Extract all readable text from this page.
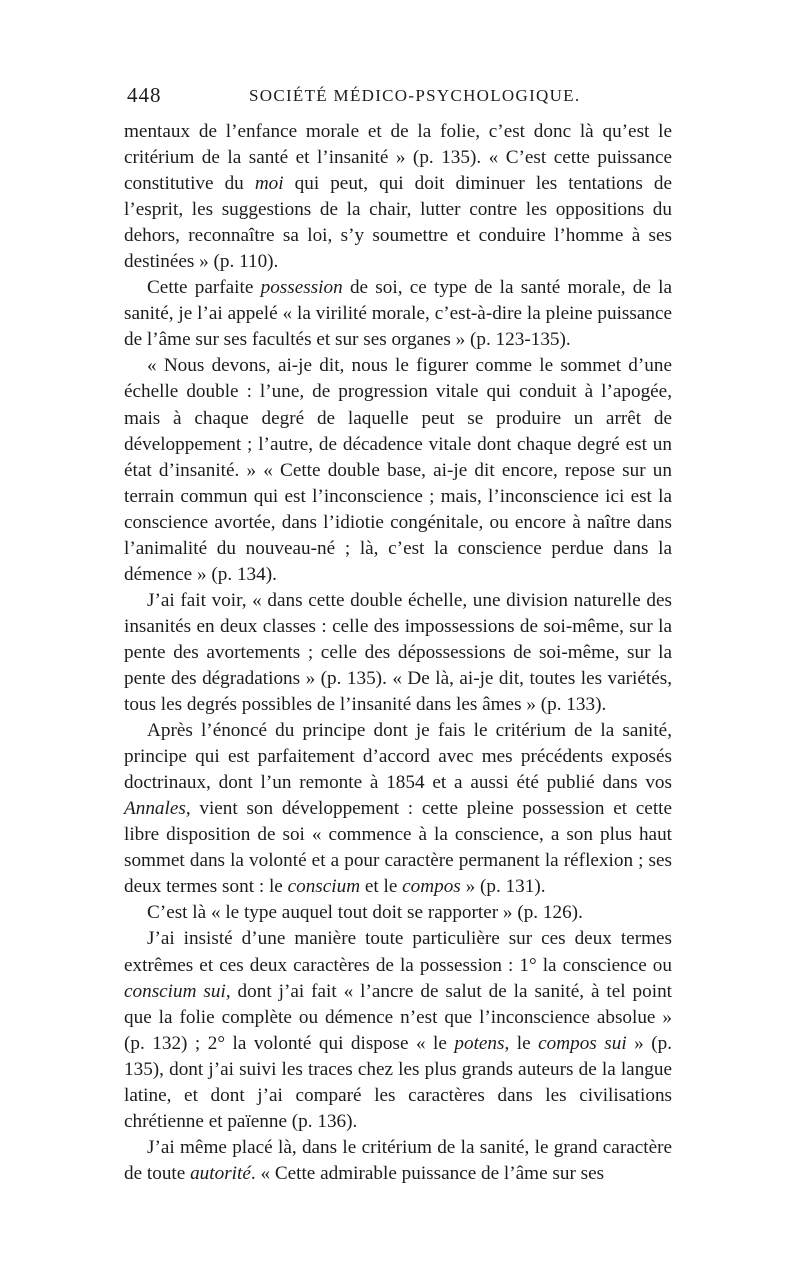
448	SOCIÉTÉ MÉDICO-PSYCHOLOGIQUE.

mentaux de l’enfance morale et de la folie, c’est donc là qu’est le critérium de la santé et l’insanité » (p. 135). « C’est cette puissance constitutive du moi qui peut, qui doit diminuer les tentations de l’esprit, les suggestions de la chair, lutter contre les oppositions du dehors, reconnaître sa loi, s’y soumettre et conduire l’homme à ses destinées » (p. 110).

Cette parfaite possession de soi, ce type de la santé morale, de la sanité, je l’ai appelé « la virilité morale, c’est-à-dire la pleine puissance de l’âme sur ses facultés et sur ses organes » (p. 123-135).

« Nous devons, ai-je dit, nous le figurer comme le sommet d’une échelle double : l’une, de progression vitale qui conduit à l’apogée, mais à chaque degré de laquelle peut se produire un arrêt de développement ; l’autre, de décadence vitale dont chaque degré est un état d’insanité. » « Cette double base, ai-je dit encore, repose sur un terrain commun qui est l’inconscience ; mais, l’inconscience ici est la conscience avortée, dans l’idiotie congénitale, ou encore à naître dans l’animalité du nouveau-né ; là, c’est la conscience perdue dans la démence » (p. 134).

J’ai fait voir, « dans cette double échelle, une division naturelle des insanités en deux classes : celle des impossessions de soi-même, sur la pente des avortements ; celle des dépossessions de soi-même, sur la pente des dégradations » (p. 135). « De là, ai-je dit, toutes les variétés, tous les degrés possibles de l’insanité dans les âmes » (p. 133).

Après l’énoncé du principe dont je fais le critérium de la sanité, principe qui est parfaitement d’accord avec mes précédents exposés doctrinaux, dont l’un remonte à 1854 et a aussi été publié dans vos Annales, vient son développement : cette pleine possession et cette libre disposition de soi « commence à la conscience, a son plus haut sommet dans la volonté et a pour caractère permanent la réflexion ; ses deux termes sont : le conscium et le compos » (p. 131).

C’est là « le type auquel tout doit se rapporter » (p. 126).

J’ai insisté d’une manière toute particulière sur ces deux termes extrêmes et ces deux caractères de la possession : 1° la conscience ou conscium sui, dont j’ai fait « l’ancre de salut de la sanité, à tel point que la folie complète ou démence n’est que l’inconscience absolue » (p. 132) ; 2° la volonté qui dispose « le potens, le compos sui » (p. 135), dont j’ai suivi les traces chez les plus grands auteurs de la langue latine, et dont j’ai comparé les caractères dans les civilisations chrétienne et païenne (p. 136).

J’ai même placé là, dans le critérium de la sanité, le grand caractère de toute autorité. « Cette admirable puissance de l’âme sur ses
